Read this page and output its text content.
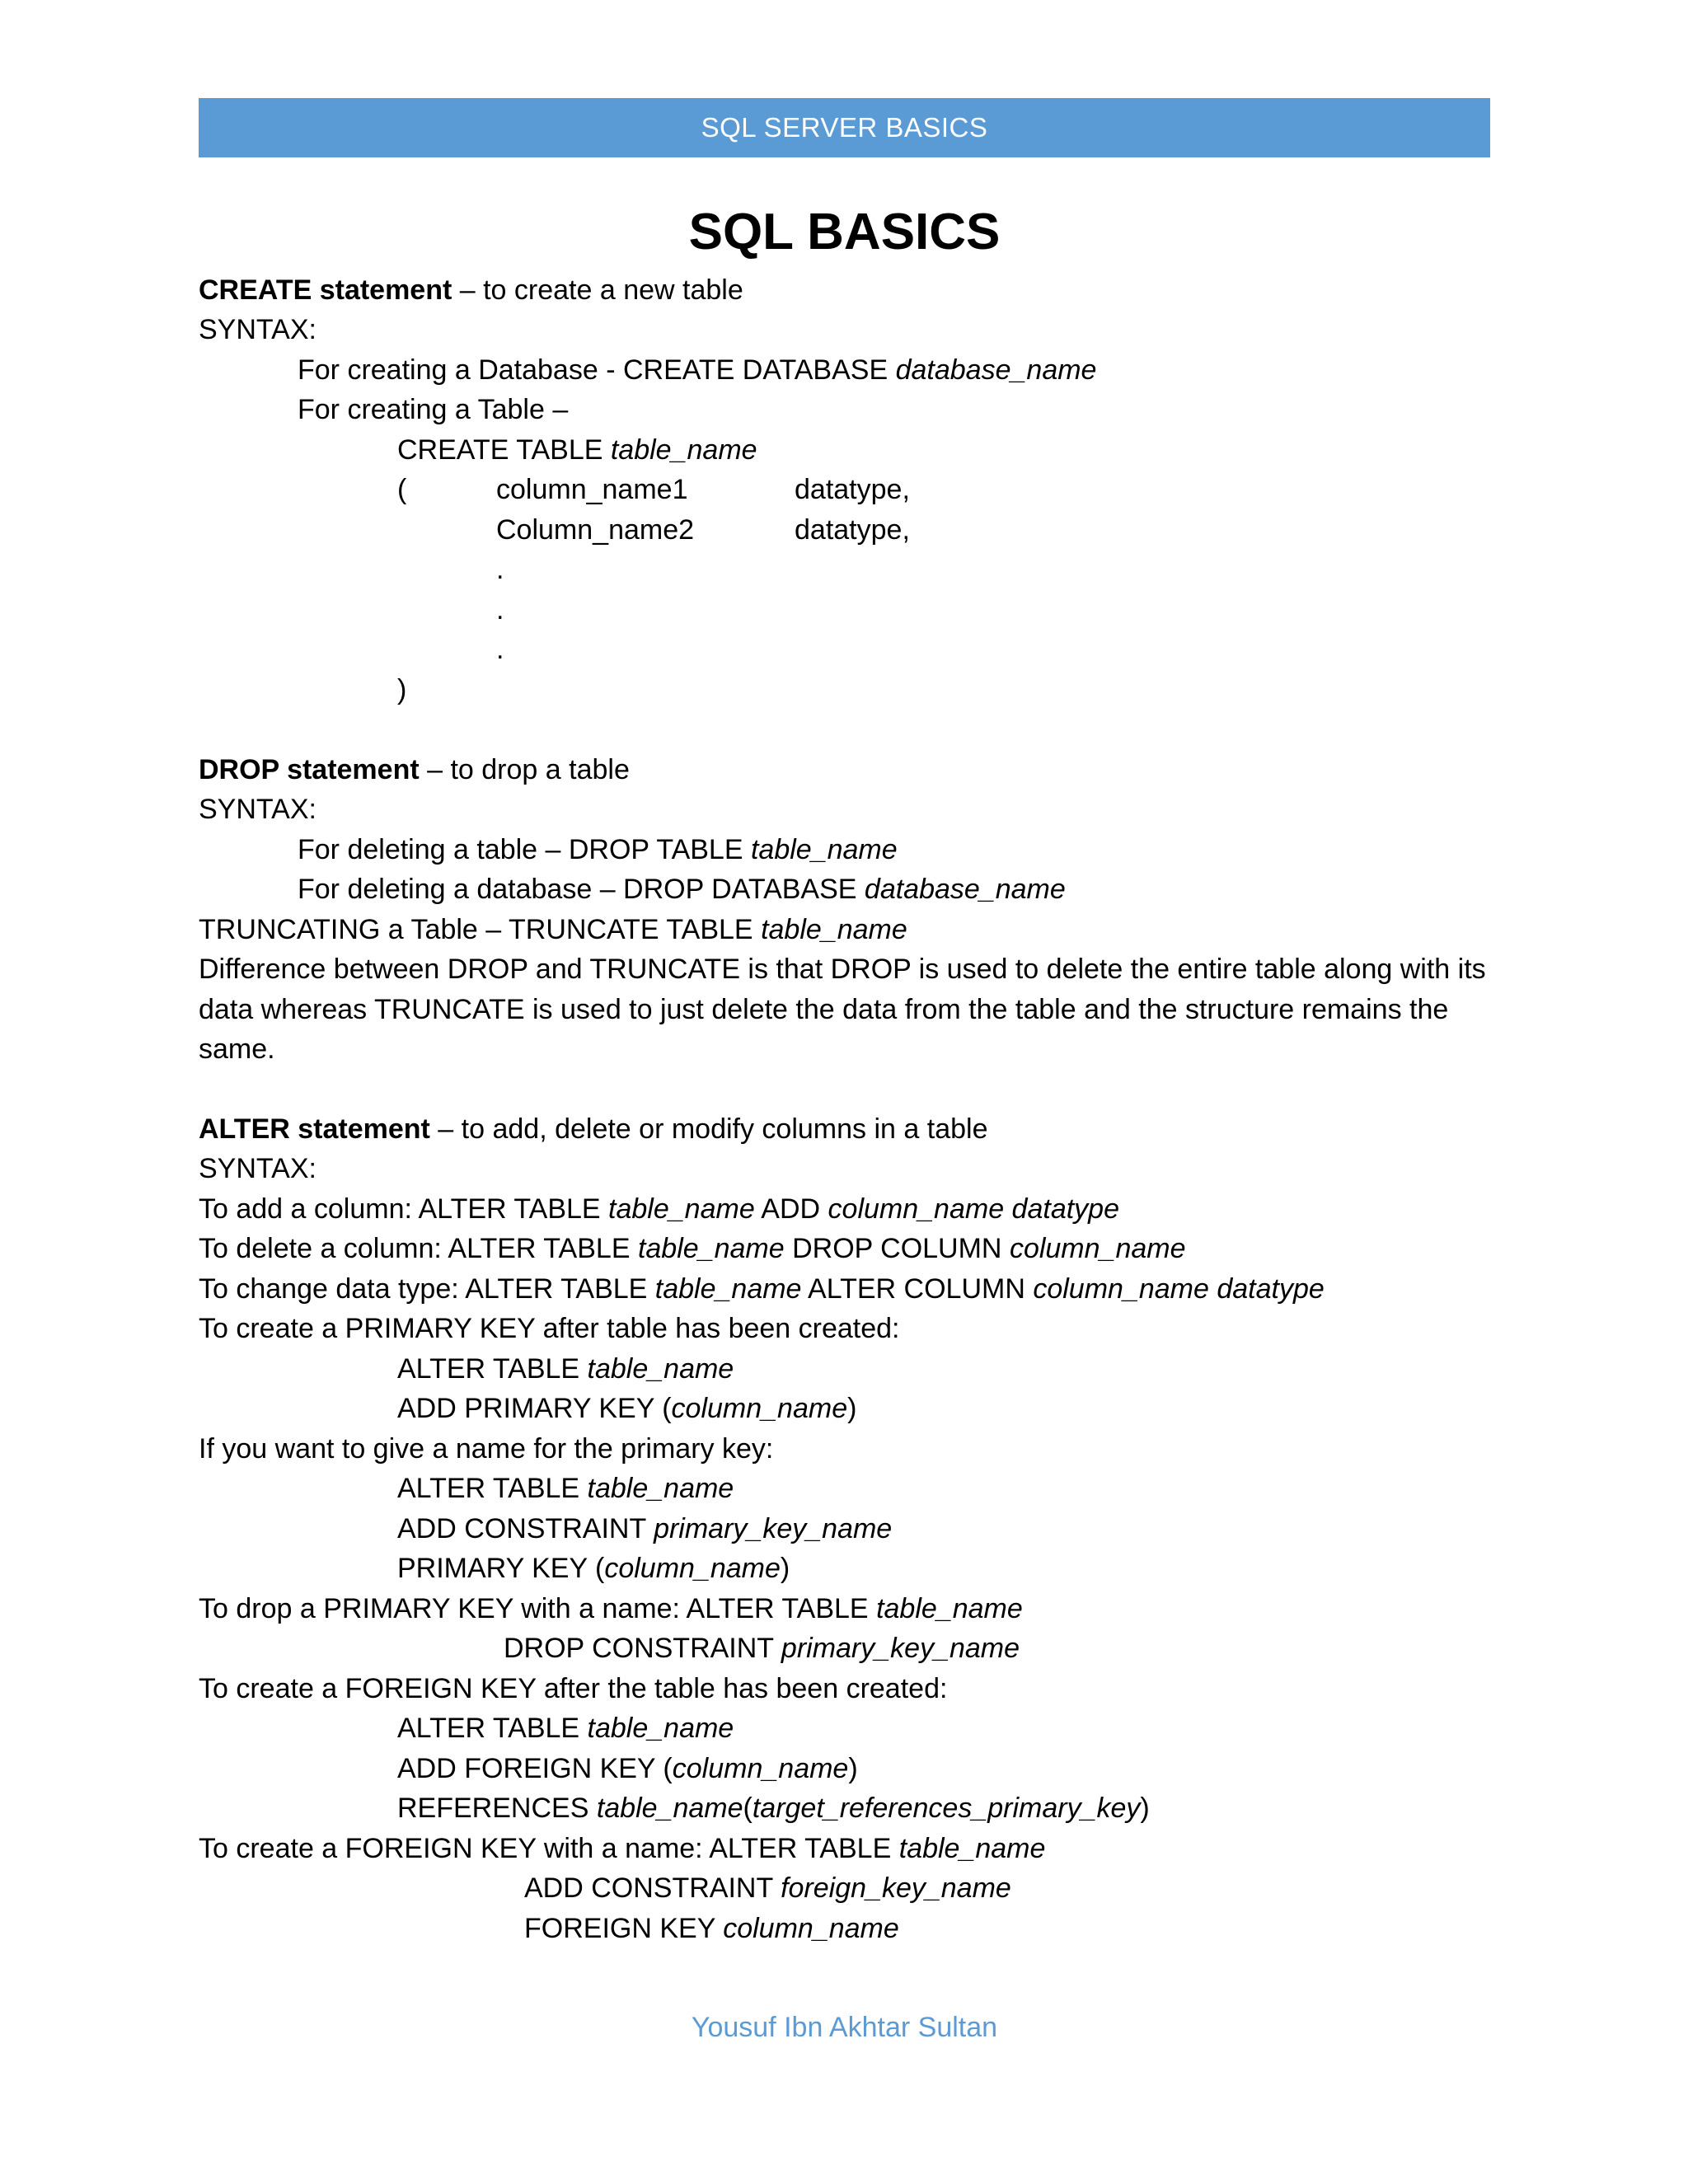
SQL SERVER BASICS
SQL BASICS
CREATE statement – to create a new table
SYNTAX:
For creating a Database - CREATE DATABASE database_name
For creating a Table –
CREATE TABLE table_name
(	column_name1	datatype,
Column_name2	datatype,
.
.
.
)
DROP statement – to drop a table
SYNTAX:
For deleting a table – DROP TABLE table_name
For deleting a database – DROP DATABASE database_name
TRUNCATING a Table – TRUNCATE TABLE table_name
Difference between DROP and TRUNCATE is that DROP is used to delete the entire table along with its
data whereas TRUNCATE is used to just delete the data from the table and the structure remains the
same.
ALTER statement – to add, delete or modify columns in a table
SYNTAX:
To add a column: ALTER TABLE table_name ADD column_name datatype
To delete a column: ALTER TABLE table_name DROP COLUMN column_name
To change data type: ALTER TABLE table_name ALTER COLUMN column_name datatype
To create a PRIMARY KEY after table has been created:
ALTER TABLE table_name
ADD PRIMARY KEY (column_name)
If you want to give a name for the primary key:
ALTER TABLE table_name
ADD CONSTRAINT primary_key_name
PRIMARY KEY (column_name)
To drop a PRIMARY KEY with a name: ALTER TABLE table_name
DROP CONSTRAINT primary_key_name
To create a FOREIGN KEY after the table has been created:
ALTER TABLE table_name
ADD FOREIGN KEY (column_name)
REFERENCES table_name(target_references_primary_key)
To create a FOREIGN KEY with a name: ALTER TABLE table_name
ADD CONSTRAINT foreign_key_name
FOREIGN KEY column_name
Yousuf Ibn Akhtar Sultan
